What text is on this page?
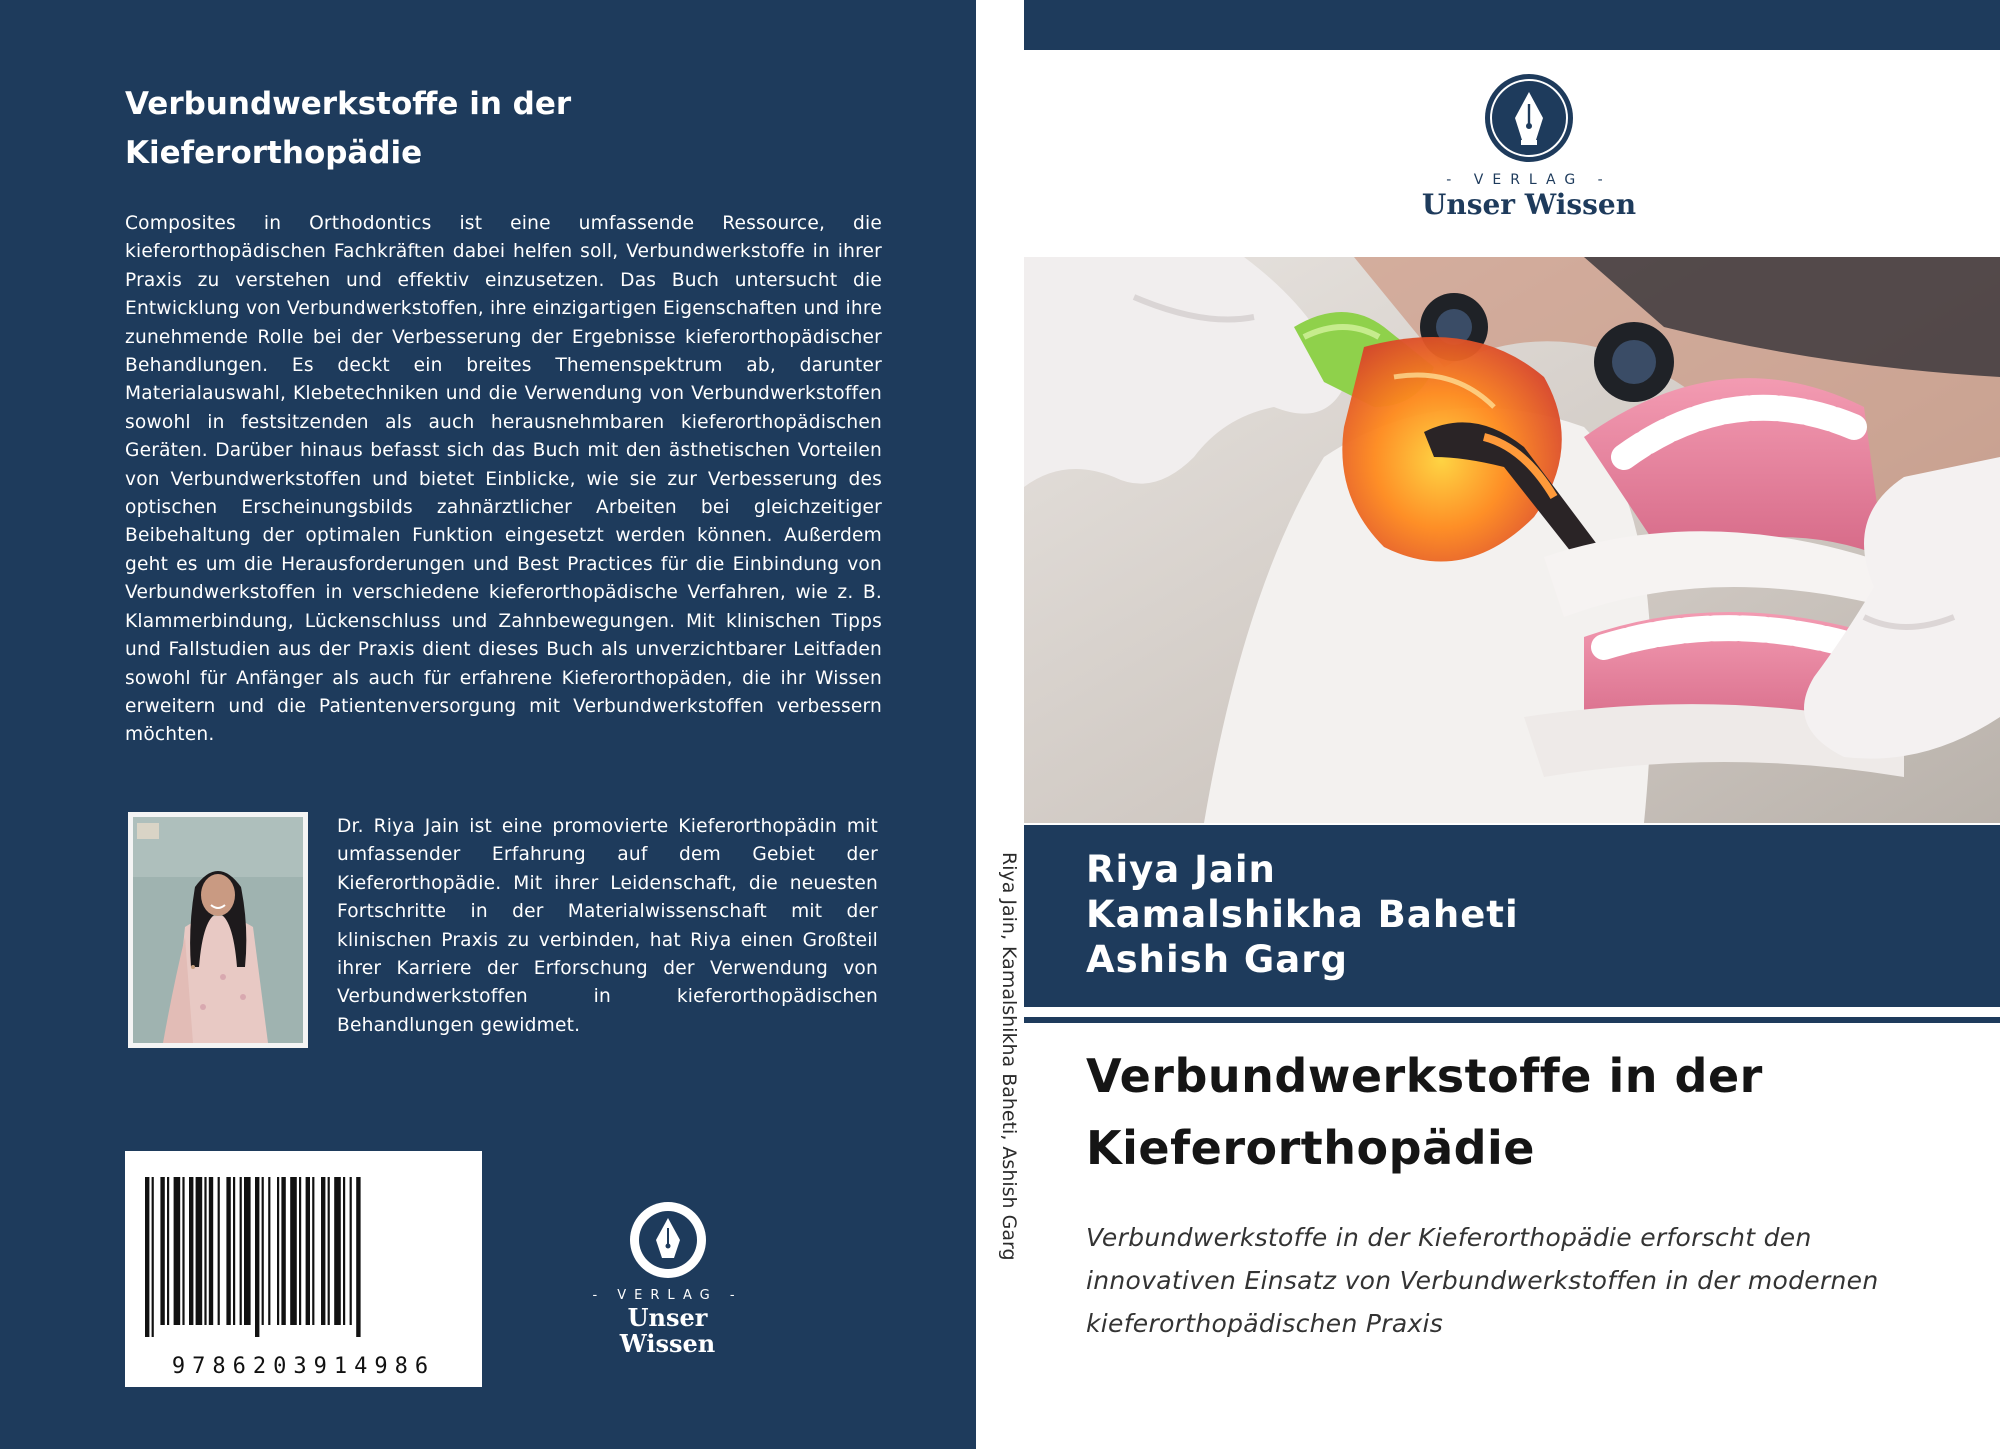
Verbundwerkstoffe in der Kieferorthopädie

Composites in Orthodontics ist eine umfassende Ressource, die kieferorthopädischen Fachkräften dabei helfen soll, Verbundwerkstoffe in ihrer Praxis zu verstehen und effektiv einzusetzen. Das Buch untersucht die Entwicklung von Verbundwerkstoffen, ihre einzigartigen Eigenschaften und ihre zunehmende Rolle bei der Verbesserung der Ergebnisse kieferorthopädischer Behandlungen. Es deckt ein breites Themenspektrum ab, darunter Materialauswahl, Klebetechniken und die Verwendung von Verbundwerkstoffen sowohl in festsitzenden als auch herausnehmbaren kieferorthopädischen Geräten. Darüber hinaus befasst sich das Buch mit den ästhetischen Vorteilen von Verbundwerkstoffen und bietet Einblicke, wie sie zur Verbesserung des optischen Erscheinungsbilds zahnärztlicher Arbeiten bei gleichzeitiger Beibehaltung der optimalen Funktion eingesetzt werden können. Außerdem geht es um die Herausforderungen und Best Practices für die Einbindung von Verbundwerkstoffen in verschiedene kieferorthopädische Verfahren, wie z. B. Klammerbindung, Lückenschluss und Zahnbewegungen. Mit klinischen Tipps und Fallstudien aus der Praxis dient dieses Buch als unverzichtbarer Leitfaden sowohl für Anfänger als auch für erfahrene Kieferorthopäden, die ihr Wissen erweitern und die Patientenversorgung mit Verbundwerkstoffen verbessern möchten.

Dr. Riya Jain ist eine promovierte Kieferorthopädin mit umfassender Erfahrung auf dem Gebiet der Kieferorthopädie. Mit ihrer Leidenschaft, die neuesten Fortschritte in der Materialwissenschaft mit der klinischen Praxis zu verbinden, hat Riya einen Großteil ihrer Karriere der Erforschung der Verwendung von Verbundwerkstoffen in kieferorthopädischen Behandlungen gewidmet.

9786203914986
- VERLAG -
Unser Wissen
Riya Jain, Kamalshikha Baheti, Ashish Garg
- VERLAG -
Unser Wissen
Riya Jain
Kamalshikha Baheti
Ashish Garg
Verbundwerkstoffe in der Kieferorthopädie

Verbundwerkstoffe in der Kieferorthopädie erforscht den innovativen Einsatz von Verbundwerkstoffen in der modernen kieferorthopädischen Praxis
